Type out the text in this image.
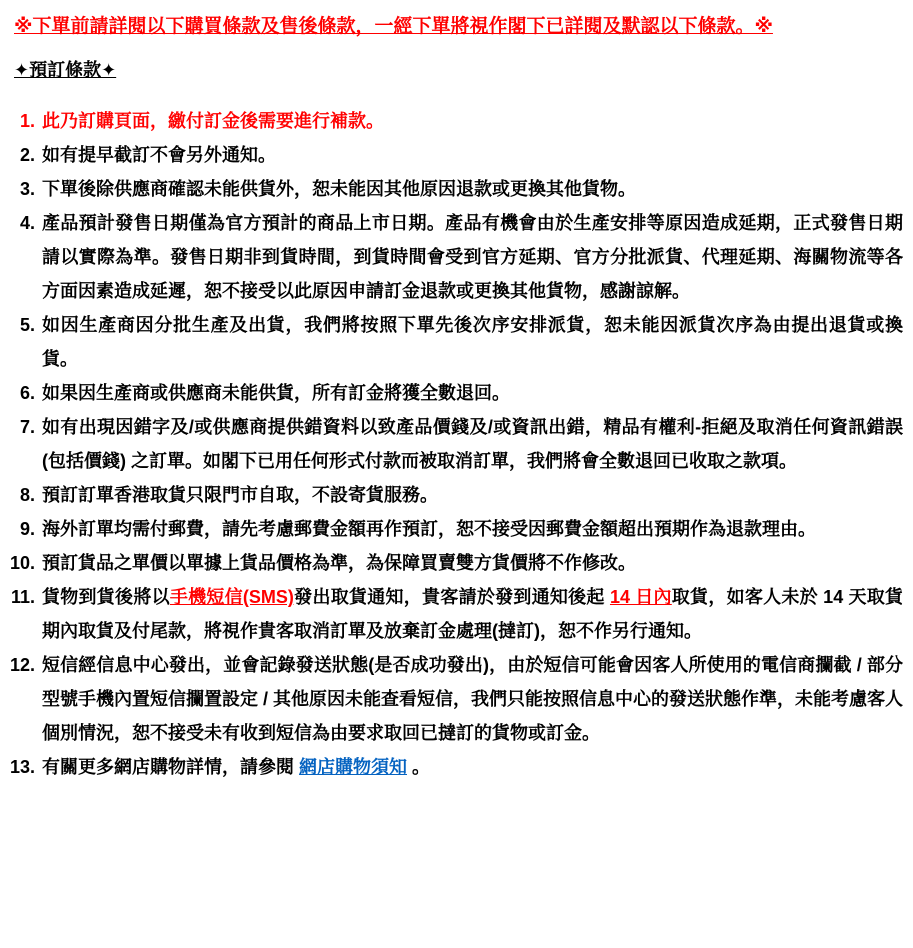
※下單前請詳閱以下購買條款及售後條款，一經下單將視作閣下已詳閱及默認以下條款。※
✦預訂條款✦
1. 此乃訂購頁面，繳付訂金後需要進行補款。
2. 如有提早截訂不會另外通知。
3. 下單後除供應商確認未能供貨外，恕未能因其他原因退款或更換其他貨物。
4. 產品預計發售日期僅為官方預計的商品上市日期。產品有機會由於生產安排等原因造成延期，正式發售日期請以實際為準。發售日期非到貨時間，到貨時間會受到官方延期、官方分批派貨、代理延期、海關物流等各方面因素造成延遲，恕不接受以此原因申請訂金退款或更換其他貨物，感謝諒解。
5. 如因生產商因分批生產及出貨，我們將按照下單先後次序安排派貨，恕未能因派貨次序為由提出退貨或換貨。
6. 如果因生產商或供應商未能供貨，所有訂金將獲全數退回。
7. 如有出現因錯字及/或供應商提供錯資料以致產品價錢及/或資訊出錯，精品有權利-拒絕及取消任何資訊錯誤(包括價錢) 之訂單。如閣下已用任何形式付款而被取消訂單，我們將會全數退回已收取之款項。
8. 預訂訂單香港取貨只限門市自取，不設寄貨服務。
9. 海外訂單均需付郵費，請先考慮郵費金額再作預訂，恕不接受因郵費金額超出預期作為退款理由。
10. 預訂貨品之單價以單據上貨品價格為準，為保障買賣雙方貨價將不作修改。
11. 貨物到貨後將以手機短信(SMS)發出取貨通知，貴客請於發到通知後起 14 日內取貨，如客人未於 14 天取貨期內取貨及付尾款，將視作貴客取消訂單及放棄訂金處理(撻訂)，恕不作另行通知。
12. 短信經信息中心發出，並會記錄發送狀態(是否成功發出)，由於短信可能會因客人所使用的電信商攔截 / 部分型號手機內置短信攔置設定 / 其他原因未能查看短信，我們只能按照信息中心的發送狀態作準，未能考慮客人個別情況，恕不接受未有收到短信為由要求取回已撻訂的貨物或訂金。
13. 有關更多網店購物詳情，請參閱 網店購物須知 。
